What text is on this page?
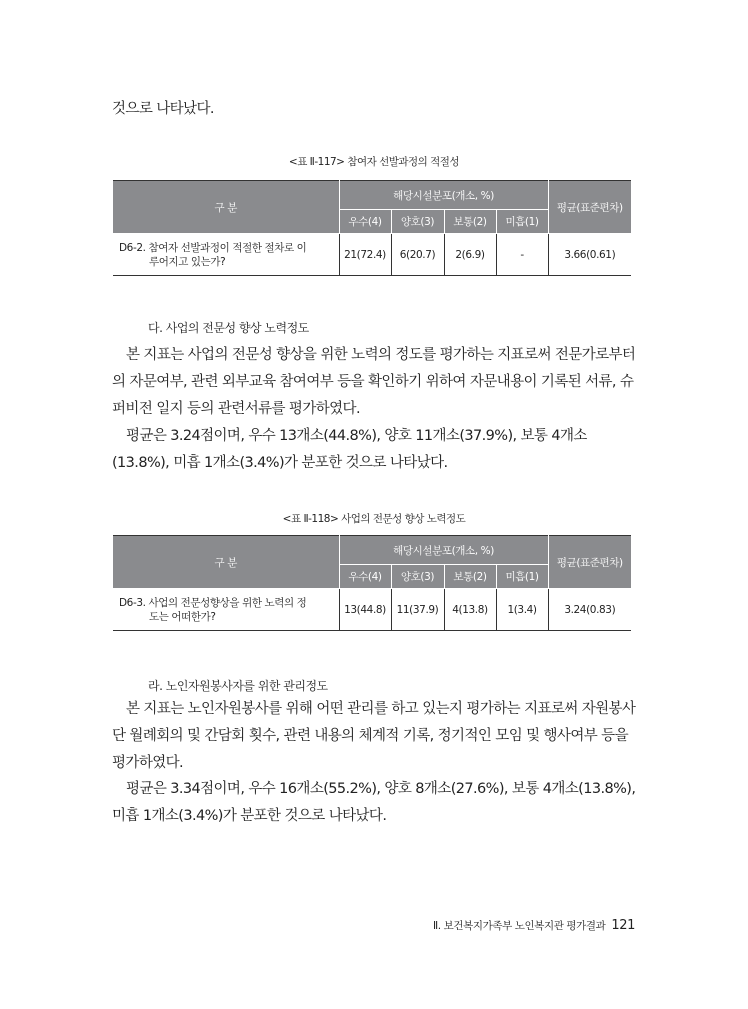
것으로 나타났다.
<표 Ⅱ-117> 참여자 선발과정의 적절성
구 분	해당시설분포(개소, %)				평균(표준편차)
	우수(4)	양호(3)	보통(2)	미흡(1)	
D6-2. 참여자 선발과정이 적절한 절차로 이
루어지고 있는가?	21(72.4)	6(20.7)	2(6.9)	-	3.66(0.61)
다. 사업의 전문성 향상 노력정도
본 지표는 사업의 전문성 향상을 위한 노력의 정도를 평가하는 지표로써 전문가로부터의 자문여부, 관련 외부교육 참여여부 등을 확인하기 위하여 자문내용이 기록된 서류, 슈퍼비전 일지 등의 관련서류를 평가하였다.
평균은 3.24점이며, 우수 13개소(44.8%), 양호 11개소(37.9%), 보통 4개소(13.8%), 미흡 1개소(3.4%)가 분포한 것으로 나타났다.
<표 Ⅱ-118> 사업의 전문성 향상 노력정도
구 분	해당시설분포(개소, %)				평균(표준편차)
	우수(4)	양호(3)	보통(2)	미흡(1)	
D6-3. 사업의 전문성향상을 위한 노력의 정
도는 어떠한가?	13(44.8)	11(37.9)	4(13.8)	1(3.4)	3.24(0.83)
라. 노인자원봉사자를 위한 관리정도
본 지표는 노인자원봉사를 위해 어떤 관리를 하고 있는지 평가하는 지표로써 자원봉사단 월례회의 및 간담회 횟수, 관련 내용의 체계적 기록, 정기적인 모임 및 행사여부 등을 평가하였다.
평균은 3.34점이며, 우수 16개소(55.2%), 양호 8개소(27.6%), 보통 4개소(13.8%), 미흡 1개소(3.4%)가 분포한 것으로 나타났다.
Ⅱ. 보건복지가족부 노인복지관 평가결과 121
